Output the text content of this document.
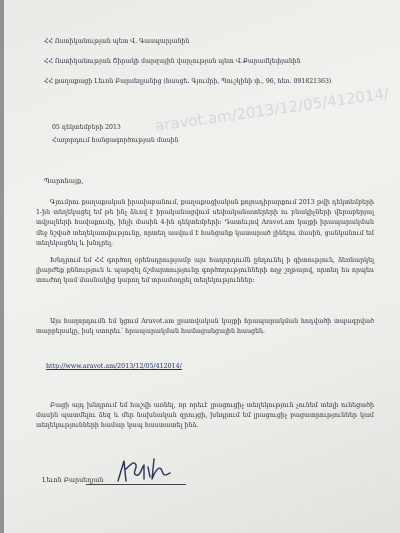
aravot.am/2013/12/05/412014/
ՀՀ Ոստիկանության պետ Վ. Գասպարյանին
ՀՀ Ոստիկանության Շիրակի մարզային վարչության պետ Վ.Քարամկեփյանին
ՀՀ քաղաքացի Լեւոն Բարսեղյանից (հասցե. Գյումրի, Պուշկինի փ., 96, հեռ. 091821363)
05 դեկտեմբերի 2013
Հաղորդում հանցագործության մասին
Պարոնայք,
Գյումրու քաղաքական իրավաբանում, քաղաքացիական քոլոսդիրարքում 2013 թվի դեկտեմբերի 1-ին տեղեկացել եմ թե ինչ ձևով է իրականացվում սեփականատերերի ու բնակիչների վերաբերյալ տվյալների հավաքումը, ինչի մասին 4-ին դեկտեմբերի։ Դատեւյով Aravot.am կայքի իրապարակման մեջ նշված տեղեկատվությունը, որտեղ ասվում է հանցանք կատարած լինելու մասին, ցանկանում եմ տեղեկացնել և խնդրել.
Խնդրում եմ ՀՀ գործող օրենսդրությամբ այս հաղորդումն ընդունել ի գիտություն, ձեռնարկել լիարժեք քննություն և պարզել ճշմարտությունը գործողությունների ողջ շղթայով, որտեղ ես որպես տուժող կամ մասնակից կարող եմ տրամադրել տեղեկություններ։
Այս հաղորդումն եմ կցում Aravot.am լրատվական կայքի հրապարակման հոդվածի տպագրված տարբերակը, իսկ ստորեւ՝ հրապարակման համացանցային հասցեն.
http://www.aravot.am/2013/12/05/412014/
Բացի այդ խնդրում եմ հաշվի առնել, որ որեւէ լրացուցիչ տեղեկություն չունեմ տեղի ունեցածի մասին պատմելու ձեզ և մեր նախնական զրույցի, խնդրում եմ լրացուցիչ բացատրություններ կամ տեղեկությունների համար կապ հաստատել ինձ.
Լեւոն Բարսեղյան
